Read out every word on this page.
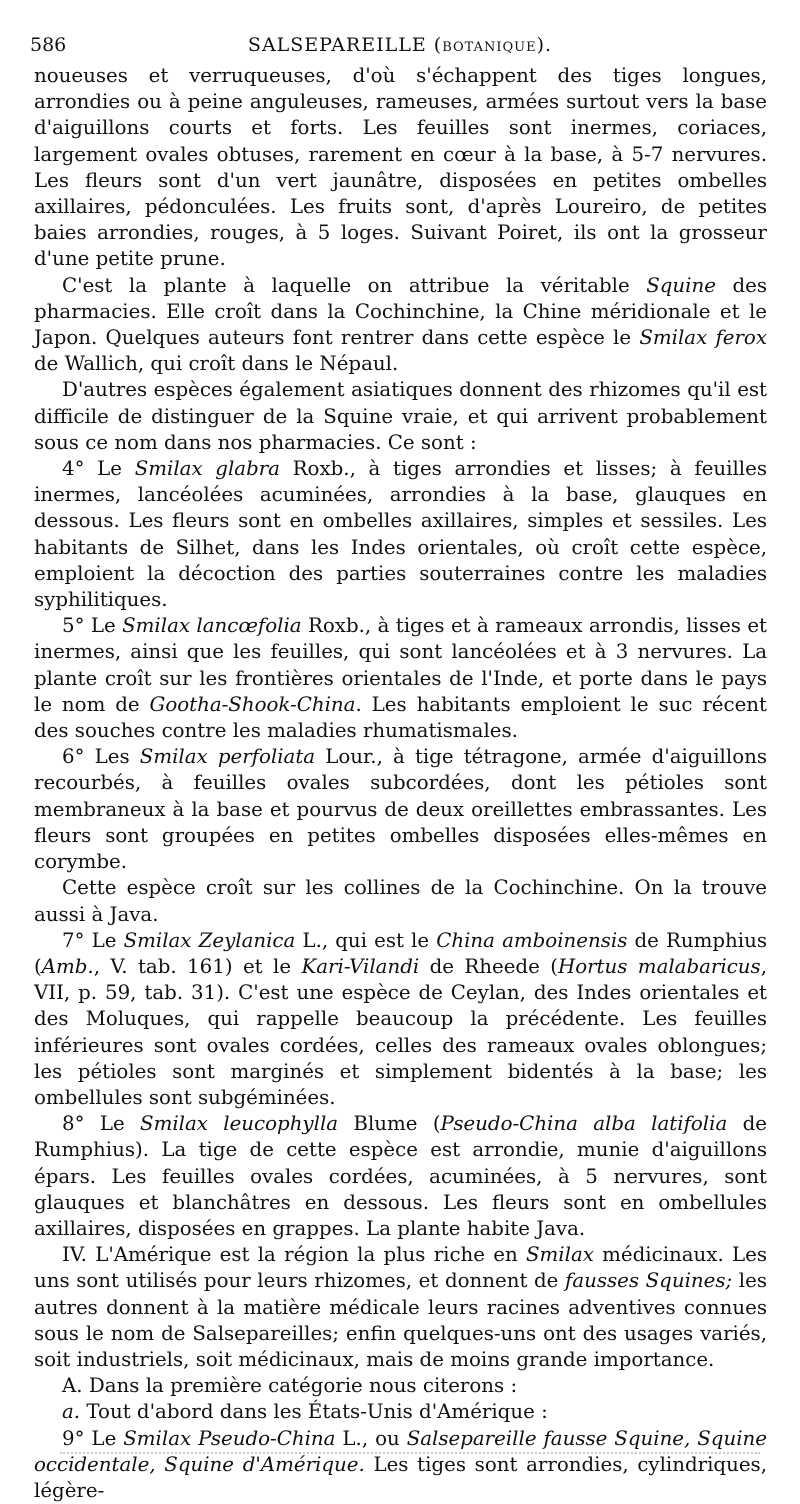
586	SALSEPAREILLE (BOTANIQUE).

noueuses et verruqueuses, d'où s'échappent des tiges longues, arrondies ou à peine anguleuses, rameuses, armées surtout vers la base d'aiguillons courts et forts. Les feuilles sont inermes, coriaces, largement ovales obtuses, rarement en cœur à la base, à 5-7 nervures. Les fleurs sont d'un vert jaunâtre, disposées en petites ombelles axillaires, pédonculées. Les fruits sont, d'après Loureiro, de petites baies arrondies, rouges, à 5 loges. Suivant Poiret, ils ont la grosseur d'une petite prune.

C'est la plante à laquelle on attribue la véritable Squine des pharmacies. Elle croît dans la Cochinchine, la Chine méridionale et le Japon. Quelques auteurs font rentrer dans cette espèce le Smilax ferox de Wallich, qui croît dans le Népaul.

D'autres espèces également asiatiques donnent des rhizomes qu'il est difficile de distinguer de la Squine vraie, et qui arrivent probablement sous ce nom dans nos pharmacies. Ce sont :

4° Le Smilax glabra Roxb., à tiges arrondies et lisses; à feuilles inermes, lancéolées acuminées, arrondies à la base, glauques en dessous. Les fleurs sont en ombelles axillaires, simples et sessiles. Les habitants de Silhet, dans les Indes orientales, où croît cette espèce, emploient la décoction des parties souterraines contre les maladies syphilitiques.

5° Le Smilax lancœfolia Roxb., à tiges et à rameaux arrondis, lisses et inermes, ainsi que les feuilles, qui sont lancéolées et à 3 nervures. La plante croît sur les frontières orientales de l'Inde, et porte dans le pays le nom de Gootha-Shook-China. Les habitants emploient le suc récent des souches contre les maladies rhumatismales.

6° Les Smilax perfoliata Lour., à tige tétragone, armée d'aiguillons recourbés, à feuilles ovales subcordées, dont les pétioles sont membraneux à la base et pourvus de deux oreillettes embrassantes. Les fleurs sont groupées en petites ombelles disposées elles-mêmes en corymbe.

Cette espèce croît sur les collines de la Cochinchine. On la trouve aussi à Java.

7° Le Smilax Zeylanica L., qui est le China amboinensis de Rumphius (Amb., V. tab. 161) et le Kari-Vilandi de Rheede (Hortus malabaricus, VII, p. 59, tab. 31). C'est une espèce de Ceylan, des Indes orientales et des Moluques, qui rappelle beaucoup la précédente. Les feuilles inférieures sont ovales cordées, celles des rameaux ovales oblongues; les pétioles sont marginés et simplement bidentés à la base; les ombellules sont subgéminées.

8° Le Smilax leucophylla Blume (Pseudo-China alba latifolia de Rumphius). La tige de cette espèce est arrondie, munie d'aiguillons épars. Les feuilles ovales cordées, acuminées, à 5 nervures, sont glauques et blanchâtres en dessous. Les fleurs sont en ombellules axillaires, disposées en grappes. La plante habite Java.

IV. L'Amérique est la région la plus riche en Smilax médicinaux. Les uns sont utilisés pour leurs rhizomes, et donnent de fausses Squines; les autres donnent à la matière médicale leurs racines adventives connues sous le nom de Salsepareilles; enfin quelques-uns ont des usages variés, soit industriels, soit médicinaux, mais de moins grande importance.

A. Dans la première catégorie nous citerons :

a. Tout d'abord dans les États-Unis d'Amérique :

9° Le Smilax Pseudo-China L., ou Salsepareille fausse Squine, Squine occidentale, Squine d'Amérique. Les tiges sont arrondies, cylindriques, légère-
